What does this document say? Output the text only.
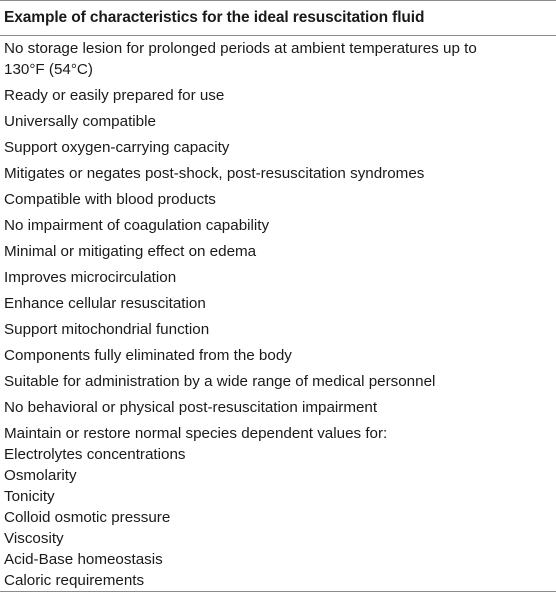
Example of characteristics for the ideal resuscitation fluid
No storage lesion for prolonged periods at ambient temperatures up to
130°F (54°C)
Ready or easily prepared for use
Universally compatible
Support oxygen-carrying capacity
Mitigates or negates post-shock, post-resuscitation syndromes
Compatible with blood products
No impairment of coagulation capability
Minimal or mitigating effect on edema
Improves microcirculation
Enhance cellular resuscitation
Support mitochondrial function
Components fully eliminated from the body
Suitable for administration by a wide range of medical personnel
No behavioral or physical post-resuscitation impairment
Maintain or restore normal species dependent values for:
Electrolytes concentrations
Osmolarity
Tonicity
Colloid osmotic pressure
Viscosity
Acid-Base homeostasis
Caloric requirements
